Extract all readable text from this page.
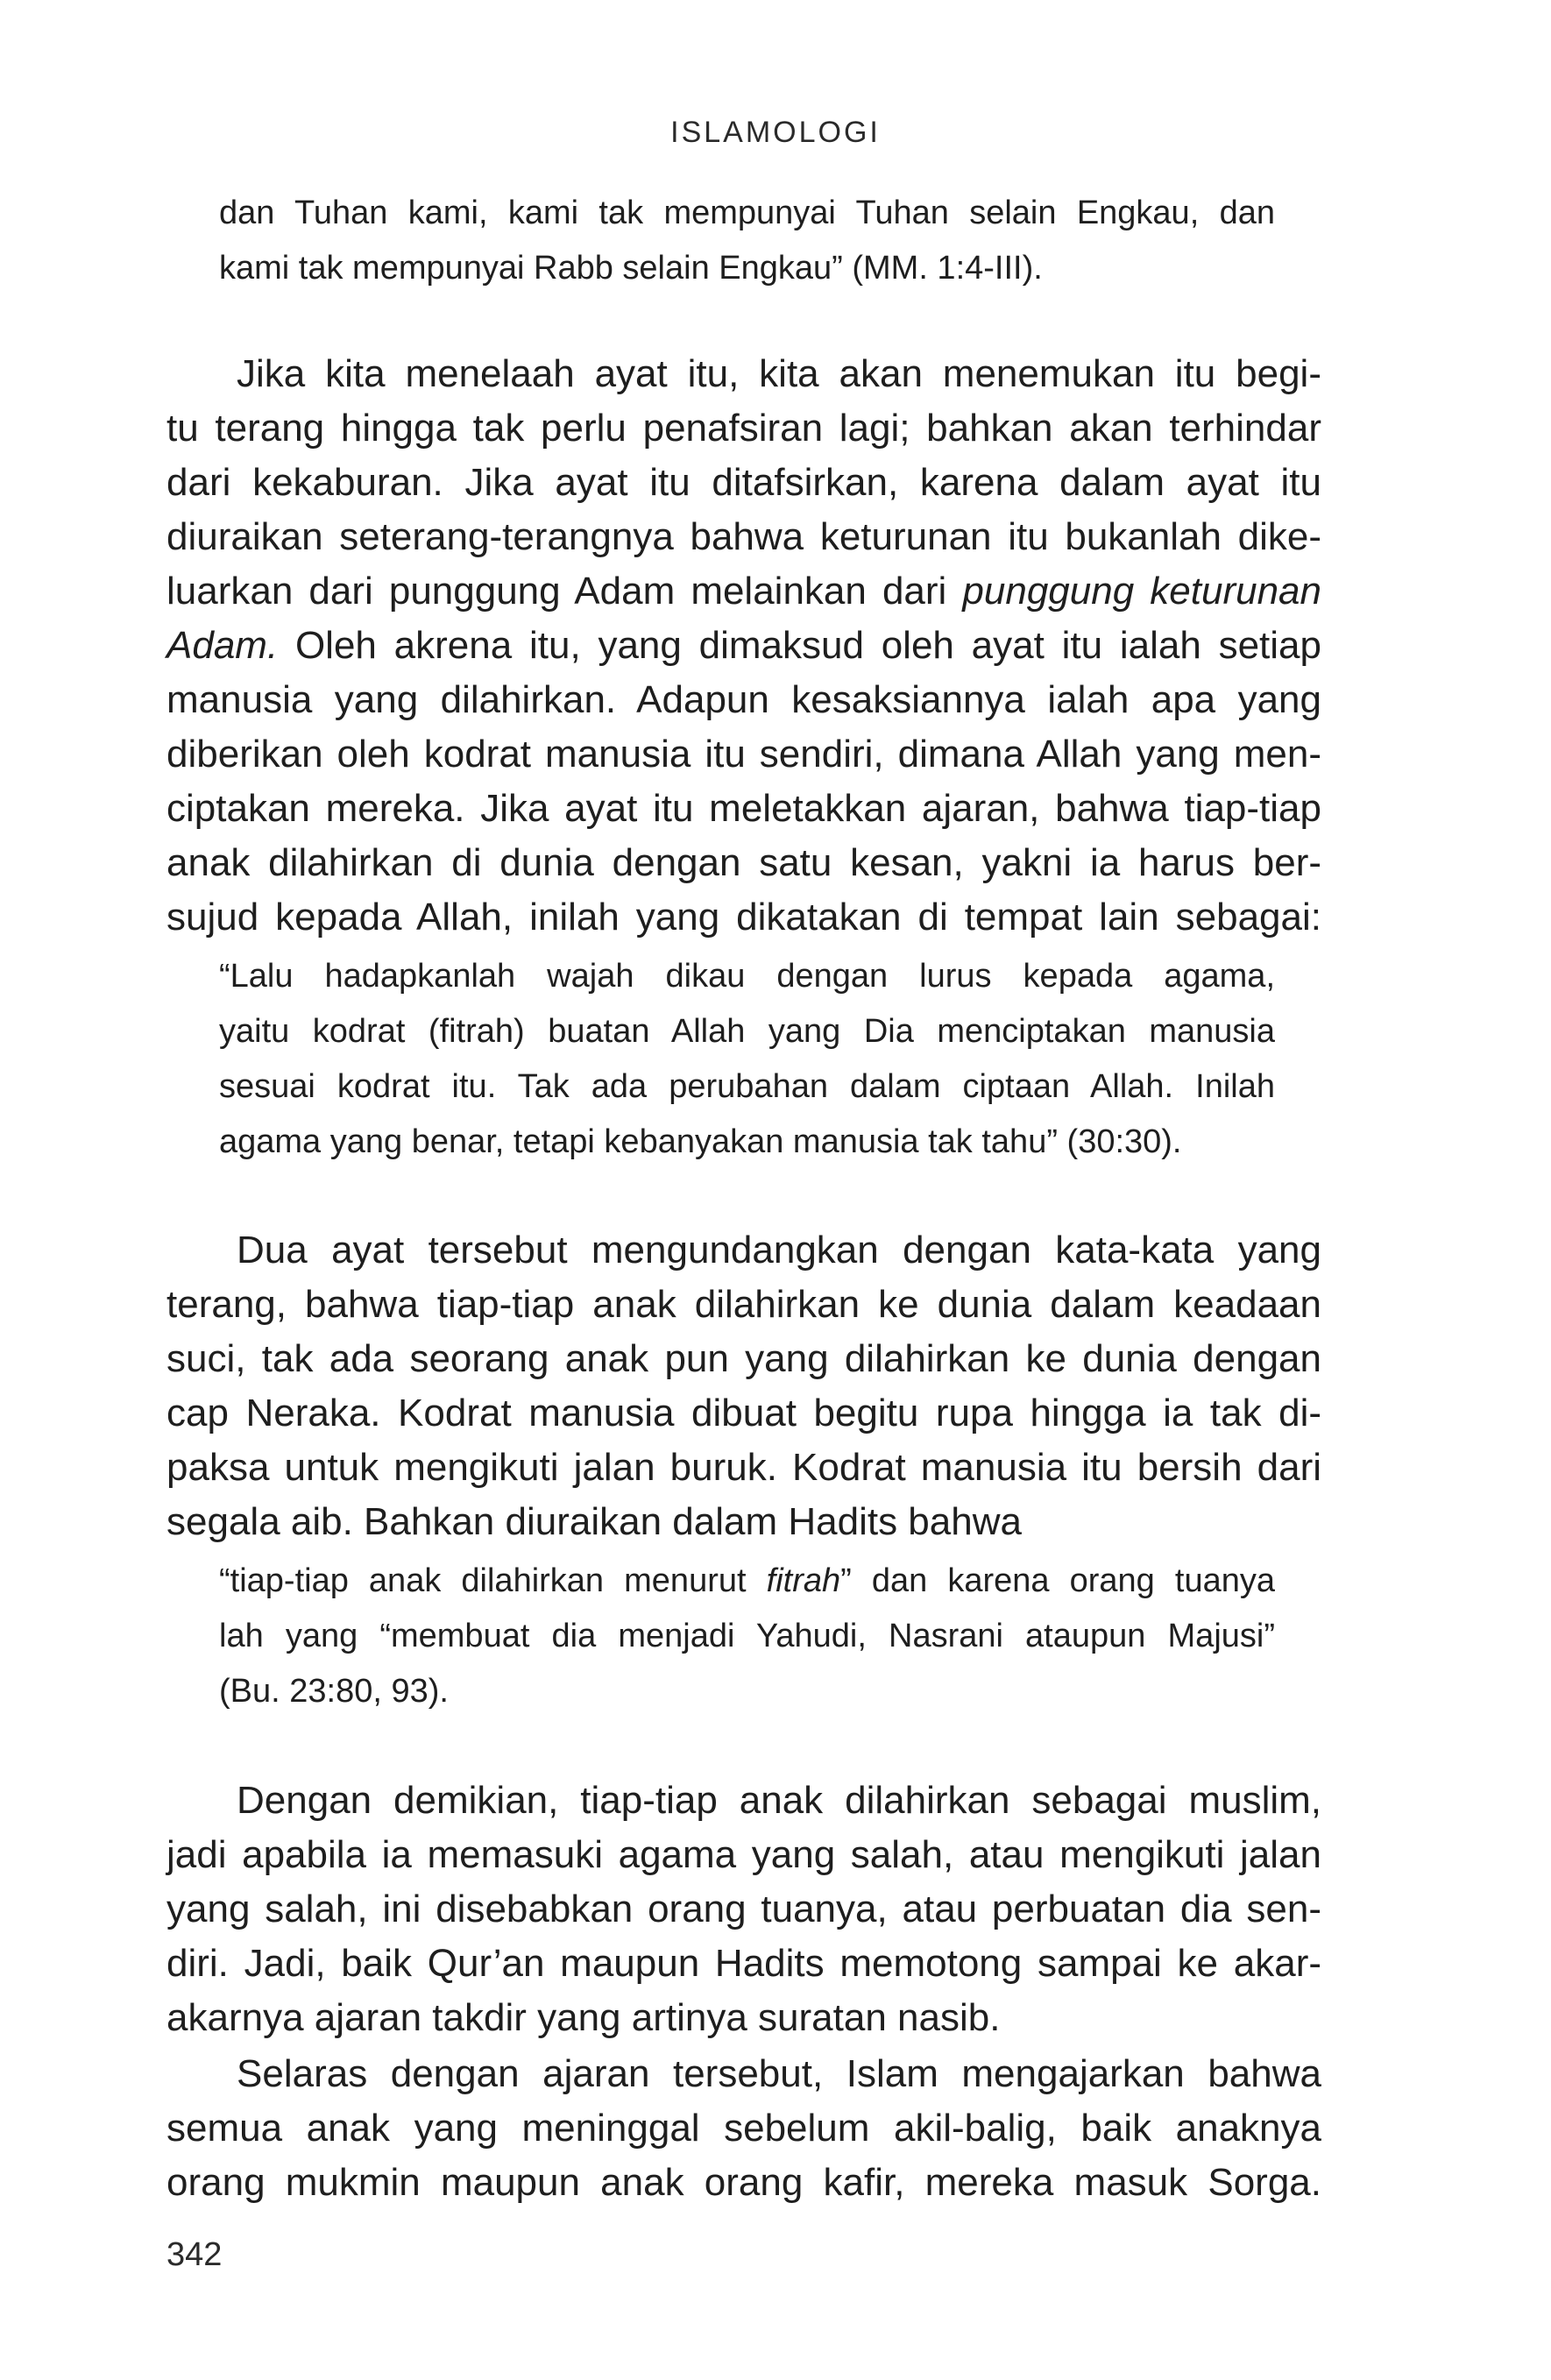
ISLAMOLOGI

dan Tuhan kami, kami tak mempunyai Tuhan selain Engkau, dan

kami tak mempunyai Rabb selain Engkau” (MM. 1:4-III).

Jika kita menelaah ayat itu, kita akan menemukan itu begi-

tu terang hingga tak perlu penafsiran lagi; bahkan akan terhindar

dari kekaburan. Jika ayat itu ditafsirkan, karena dalam ayat itu

diuraikan seterang-terangnya bahwa keturunan itu bukanlah dike-

luarkan dari punggung Adam melainkan dari punggung keturunan

Adam. Oleh akrena itu, yang dimaksud oleh ayat itu ialah setiap

manusia yang dilahirkan. Adapun kesaksiannya ialah apa yang

diberikan oleh kodrat manusia itu sendiri, dimana Allah yang men-

ciptakan mereka. Jika ayat itu meletakkan ajaran, bahwa tiap-tiap

anak dilahirkan di dunia dengan satu kesan, yakni ia harus ber-

sujud kepada Allah, inilah yang dikatakan di tempat lain sebagai:

“Lalu hadapkanlah wajah dikau dengan lurus kepada agama,

yaitu kodrat (fitrah) buatan Allah yang Dia menciptakan manusia

sesuai kodrat itu. Tak ada perubahan dalam ciptaan Allah. Inilah

agama yang benar, tetapi kebanyakan manusia tak tahu” (30:30).

Dua ayat tersebut mengundangkan dengan kata-kata yang

terang, bahwa tiap-tiap anak dilahirkan ke dunia dalam keadaan

suci, tak ada seorang anak pun yang dilahirkan ke dunia dengan

cap Neraka. Kodrat manusia dibuat begitu rupa hingga ia tak di-

paksa untuk mengikuti jalan buruk. Kodrat manusia itu bersih dari

segala aib. Bahkan diuraikan dalam Hadits bahwa

“tiap-tiap anak dilahirkan menurut fitrah” dan karena orang tuanya

lah yang “membuat dia menjadi Yahudi, Nasrani ataupun Majusi”

(Bu. 23:80, 93).

Dengan demikian, tiap-tiap anak dilahirkan sebagai muslim,

jadi apabila ia memasuki agama yang salah, atau mengikuti jalan

yang salah, ini disebabkan orang tuanya, atau perbuatan dia sen-

diri. Jadi, baik Qur’an maupun Hadits memotong sampai ke akar-

akarnya ajaran takdir yang artinya suratan nasib.

Selaras dengan ajaran tersebut, Islam mengajarkan bahwa

semua anak yang meninggal sebelum akil-balig, baik anaknya

orang mukmin maupun anak orang kafir, mereka masuk Sorga.

342
